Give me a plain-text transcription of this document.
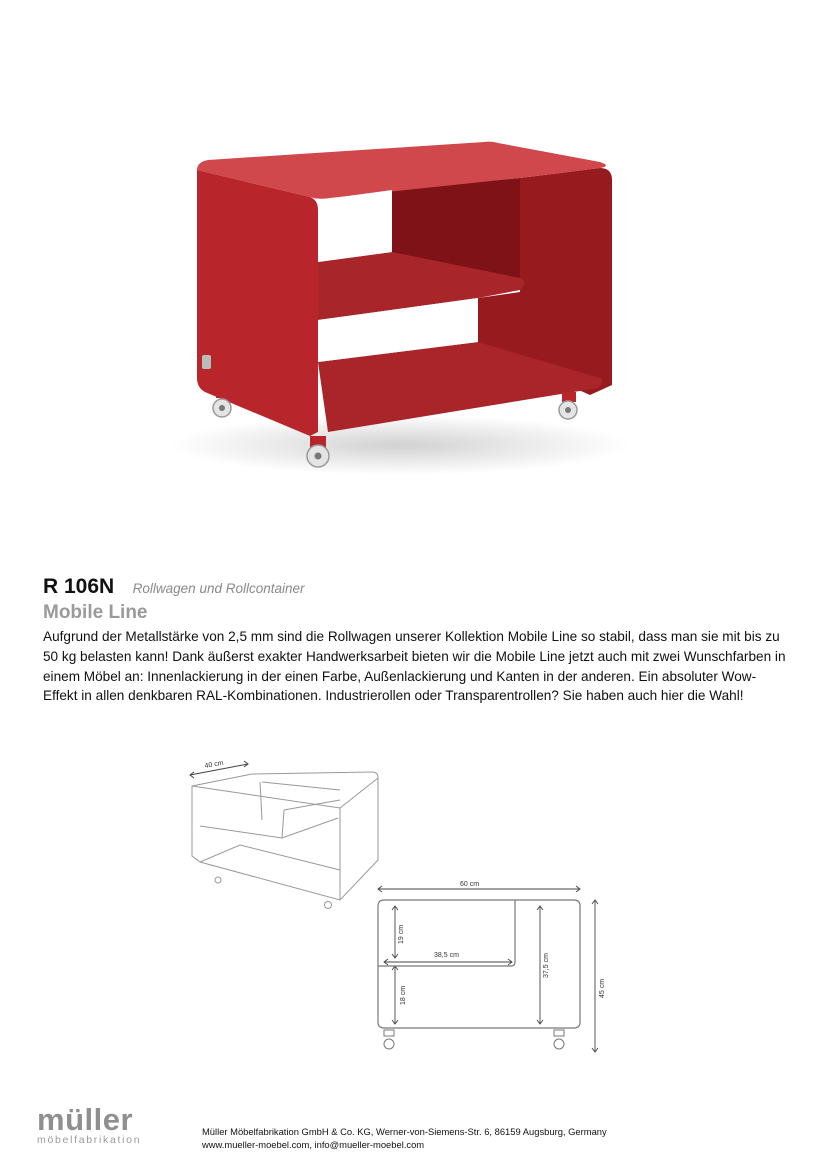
R 106N Rollwagen und Rollcontainer
Mobile Line

Aufgrund der Metallstärke von 2,5 mm sind die Rollwagen unserer Kollektion Mobile Line so stabil, dass man sie mit bis zu 50 kg belasten kann! Dank äußerst exakter Handwerksarbeit bieten wir die Mobile Line jetzt auch mit zwei Wunschfarben in einem Möbel an: Innenlackierung in der einen Farbe, Außenlackierung und Kanten in der anderen. Ein absoluter Wow-Effekt in allen denkbaren RAL-Kombinationen. Industrierollen oder Transparentrollen? Sie haben auch hier die Wahl!

40 cm
60 cm
38,5 cm
19 cm
18 cm
37,5 cm
45 cm
müller
möbelfabrikation
Müller Möbelfabrikation GmbH & Co. KG, Werner-von-Siemens-Str. 6, 86159 Augsburg, Germany
www.mueller-moebel.com, info@mueller-moebel.com
